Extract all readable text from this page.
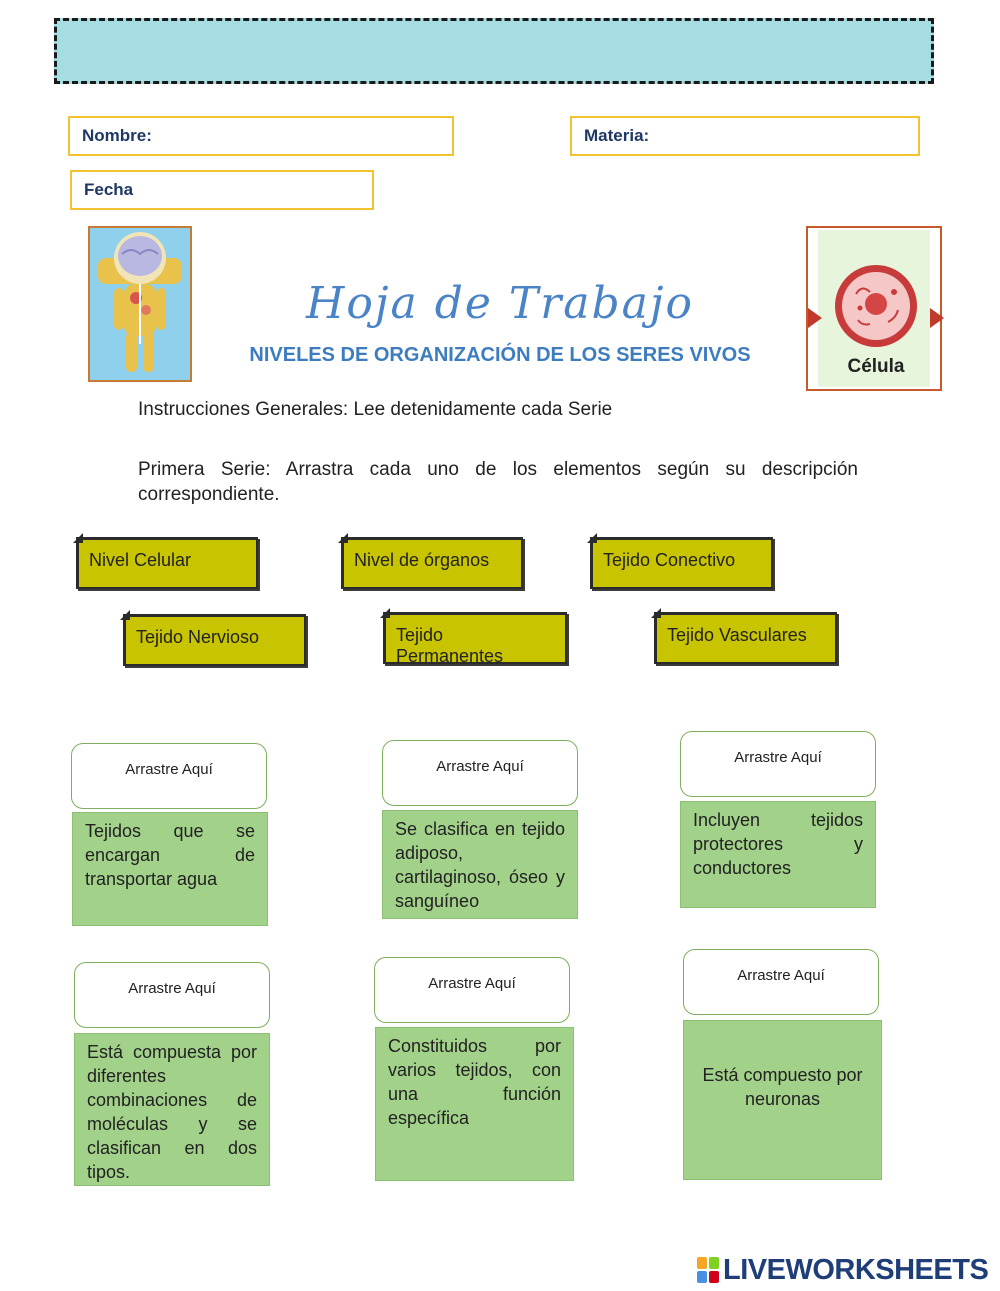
Nombre:	Materia:
Fecha
Hoja de Trabajo
NIVELES DE ORGANIZACIÓN DE LOS SERES VIVOS
Célula
Instrucciones Generales: Lee detenidamente cada Serie
Primera Serie: Arrastra cada uno de los elementos según su descripción correspondiente.
Nivel Celular	Nivel de órganos	Tejido Conectivo
Tejido Nervioso	Tejido Permanentes
Tejido Vasculares
Arrastre Aquí	Arrastre Aquí
Arrastre Aquí
Arrastre Aquí	Arrastre Aquí	Arrastre Aquí
Tejidos que se encargan de transportar agua
Se clasifica en tejido adiposo, cartilaginoso, óseo y sanguíneo
Incluyen tejidos protectores y conductores
Está compuesta por diferentes combinaciones de moléculas y se clasifican en dos tipos.
Constituidos por varios tejidos, con una función específica
Está compuesto por neuronas
LIVEWORKSHEETS
